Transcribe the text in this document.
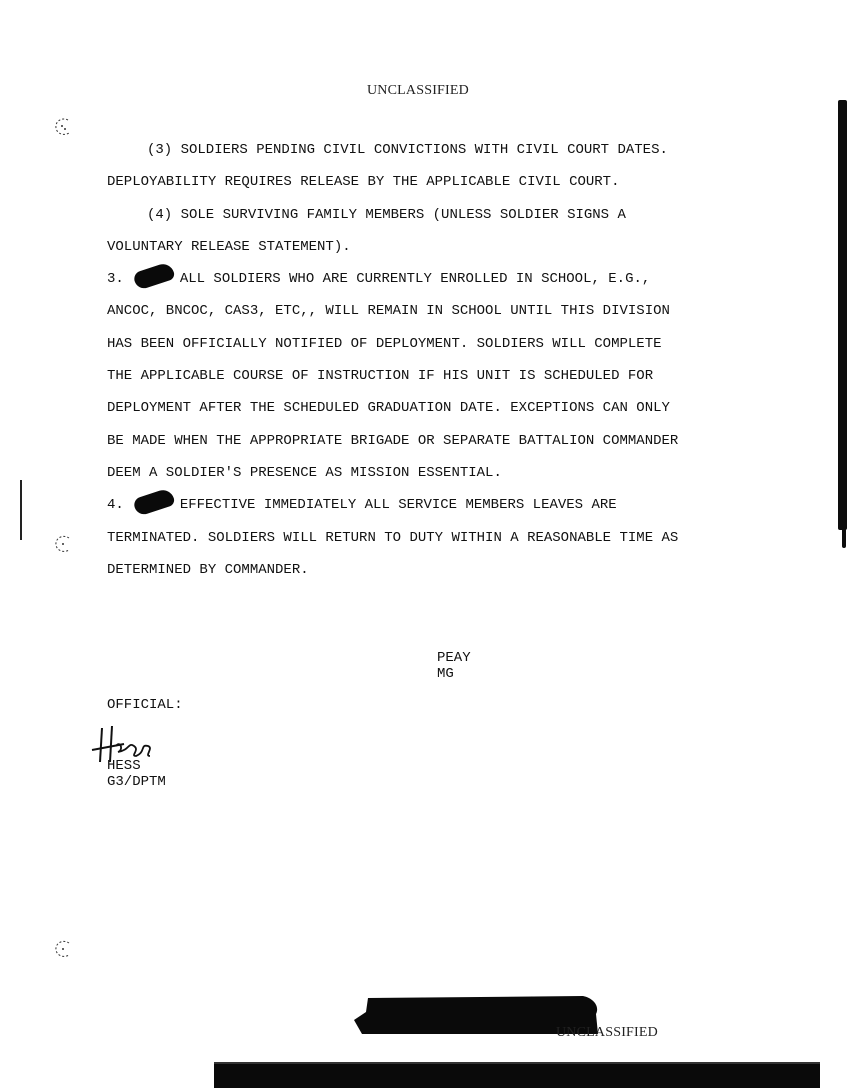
UNCLASSIFIED
(3) SOLDIERS PENDING CIVIL CONVICTIONS WITH CIVIL COURT DATES.
DEPLOYABILITY REQUIRES RELEASE BY THE APPLICABLE CIVIL COURT.
(4) SOLE SURVIVING FAMILY MEMBERS (UNLESS SOLDIER SIGNS A
VOLUNTARY RELEASE STATEMENT).
3.	ALL SOLDIERS WHO ARE CURRENTLY ENROLLED IN SCHOOL, E.G.,
ANCOC, BNCOC, CAS3, ETC,, WILL REMAIN IN SCHOOL UNTIL THIS DIVISION
HAS BEEN OFFICIALLY NOTIFIED OF DEPLOYMENT. SOLDIERS WILL COMPLETE
THE APPLICABLE COURSE OF INSTRUCTION IF HIS UNIT IS SCHEDULED FOR
DEPLOYMENT AFTER THE SCHEDULED GRADUATION DATE. EXCEPTIONS CAN ONLY
BE MADE WHEN THE APPROPRIATE BRIGADE OR SEPARATE BATTALION COMMANDER
DEEM A SOLDIER'S PRESENCE AS MISSION ESSENTIAL.
4.	EFFECTIVE IMMEDIATELY ALL SERVICE MEMBERS LEAVES ARE
TERMINATED. SOLDIERS WILL RETURN TO DUTY WITHIN A REASONABLE TIME AS
DETERMINED BY COMMANDER.
PEAY
MG
OFFICIAL:
HESS
G3/DPTM
UNCLASSIFIED
